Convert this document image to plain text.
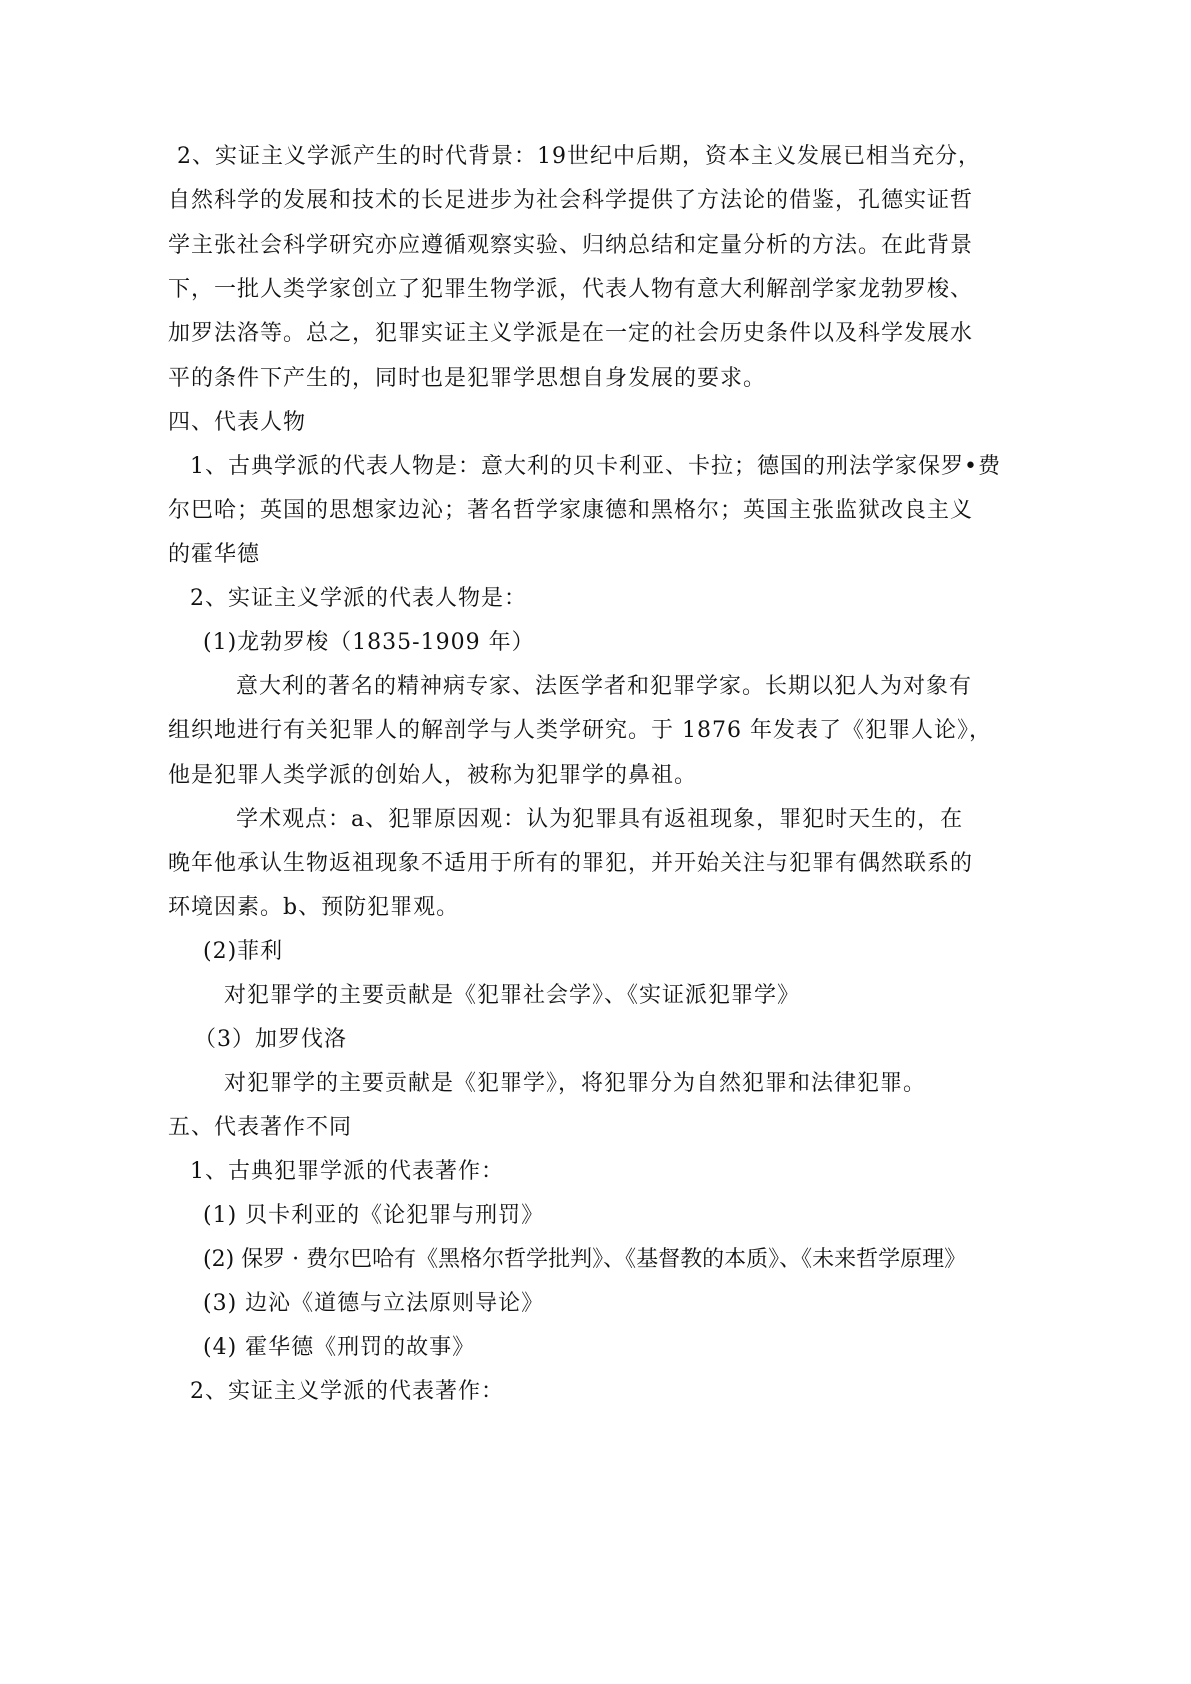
2、实证主义学派产生的时代背景：19世纪中后期，资本主义发展已相当充分，
自然科学的发展和技术的长足进步为社会科学提供了方法论的借鉴，孔德实证哲
学主张社会科学研究亦应遵循观察实验、归纳总结和定量分析的方法。在此背景
下，一批人类学家创立了犯罪生物学派，代表人物有意大利解剖学家龙勃罗梭、
加罗法洛等。总之，犯罪实证主义学派是在一定的社会历史条件以及科学发展水
平的条件下产生的，同时也是犯罪学思想自身发展的要求。
四、代表人物
1、古典学派的代表人物是：意大利的贝卡利亚、卡拉；德国的刑法学家保罗•费
尔巴哈；英国的思想家边沁；著名哲学家康德和黑格尔；英国主张监狱改良主义
的霍华德
2、实证主义学派的代表人物是：
(1)龙勃罗梭（1835-1909 年）
意大利的著名的精神病专家、法医学者和犯罪学家。长期以犯人为对象有
组织地进行有关犯罪人的解剖学与人类学研究。于 1876 年发表了《犯罪人论》，
他是犯罪人类学派的创始人，被称为犯罪学的鼻祖。
学术观点：a、犯罪原因观：认为犯罪具有返祖现象，罪犯时天生的，在
晚年他承认生物返祖现象不适用于所有的罪犯，并开始关注与犯罪有偶然联系的
环境因素。b、预防犯罪观。
(2)菲利
对犯罪学的主要贡献是《犯罪社会学》、《实证派犯罪学》
（3）加罗伐洛
对犯罪学的主要贡献是《犯罪学》，将犯罪分为自然犯罪和法律犯罪。
五、代表著作不同
1、古典犯罪学派的代表著作：
(1) 贝卡利亚的《论犯罪与刑罚》
(2) 保罗 · 费尔巴哈有《黑格尔哲学批判》、《基督教的本质》、《未来哲学原理》
(3) 边沁《道德与立法原则导论》
(4) 霍华德《刑罚的故事》
2、实证主义学派的代表著作：
